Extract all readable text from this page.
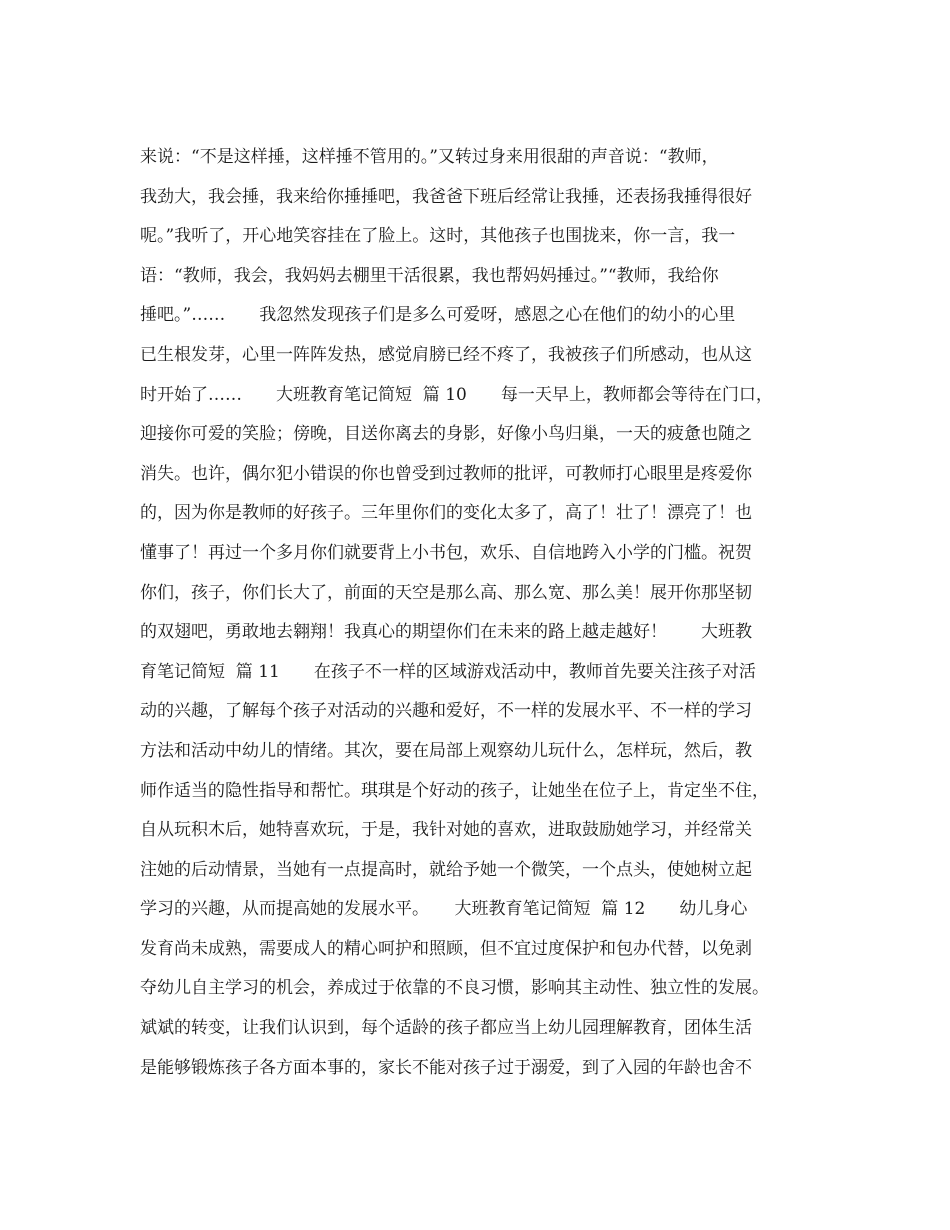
来说：“不是这样捶，这样捶不管用的。”又转过身来用很甜的声音说：“教师，
我劲大，我会捶，我来给你捶捶吧，我爸爸下班后经常让我捶，还表扬我捶得很好
呢。”我听了，开心地笑容挂在了脸上。这时，其他孩子也围拢来，你一言，我一
语：“教师，我会，我妈妈去棚里干活很累，我也帮妈妈捶过。”“教师，我给你
捶吧。”……　　我忽然发现孩子们是多么可爱呀，感恩之心在他们的幼小的心里
已生根发芽，心里一阵阵发热，感觉肩膀已经不疼了，我被孩子们所感动，也从这
时开始了……　　大班教育笔记简短  篇 10　　每一天早上，教师都会等待在门口，
迎接你可爱的笑脸；傍晚，目送你离去的身影，好像小鸟归巢，一天的疲惫也随之
消失。也许，偶尔犯小错误的你也曾受到过教师的批评，可教师打心眼里是疼爱你
的，因为你是教师的好孩子。三年里你们的变化太多了，高了！壮了！漂亮了！也
懂事了！再过一个多月你们就要背上小书包，欢乐、自信地跨入小学的门槛。祝贺
你们，孩子，你们长大了，前面的天空是那么高、那么宽、那么美！展开你那坚韧
的双翅吧，勇敢地去翱翔！我真心的期望你们在未来的路上越走越好！　　大班教
育笔记简短  篇 11　　在孩子不一样的区域游戏活动中，教师首先要关注孩子对活
动的兴趣，了解每个孩子对活动的兴趣和爱好，不一样的发展水平、不一样的学习
方法和活动中幼儿的情绪。其次，要在局部上观察幼儿玩什么，怎样玩，然后，教
师作适当的隐性指导和帮忙。琪琪是个好动的孩子，让她坐在位子上，肯定坐不住，
自从玩积木后，她特喜欢玩，于是，我针对她的喜欢，进取鼓励她学习，并经常关
注她的后动情景，当她有一点提高时，就给予她一个微笑，一个点头，使她树立起
学习的兴趣，从而提高她的发展水平。　　大班教育笔记简短  篇 12　　幼儿身心
发育尚未成熟，需要成人的精心呵护和照顾，但不宜过度保护和包办代替，以免剥
夺幼儿自主学习的机会，养成过于依靠的不良习惯，影响其主动性、独立性的发展。
斌斌的转变，让我们认识到，每个适龄的孩子都应当上幼儿园理解教育，团体生活
是能够锻炼孩子各方面本事的，家长不能对孩子过于溺爱，到了入园的年龄也舍不
